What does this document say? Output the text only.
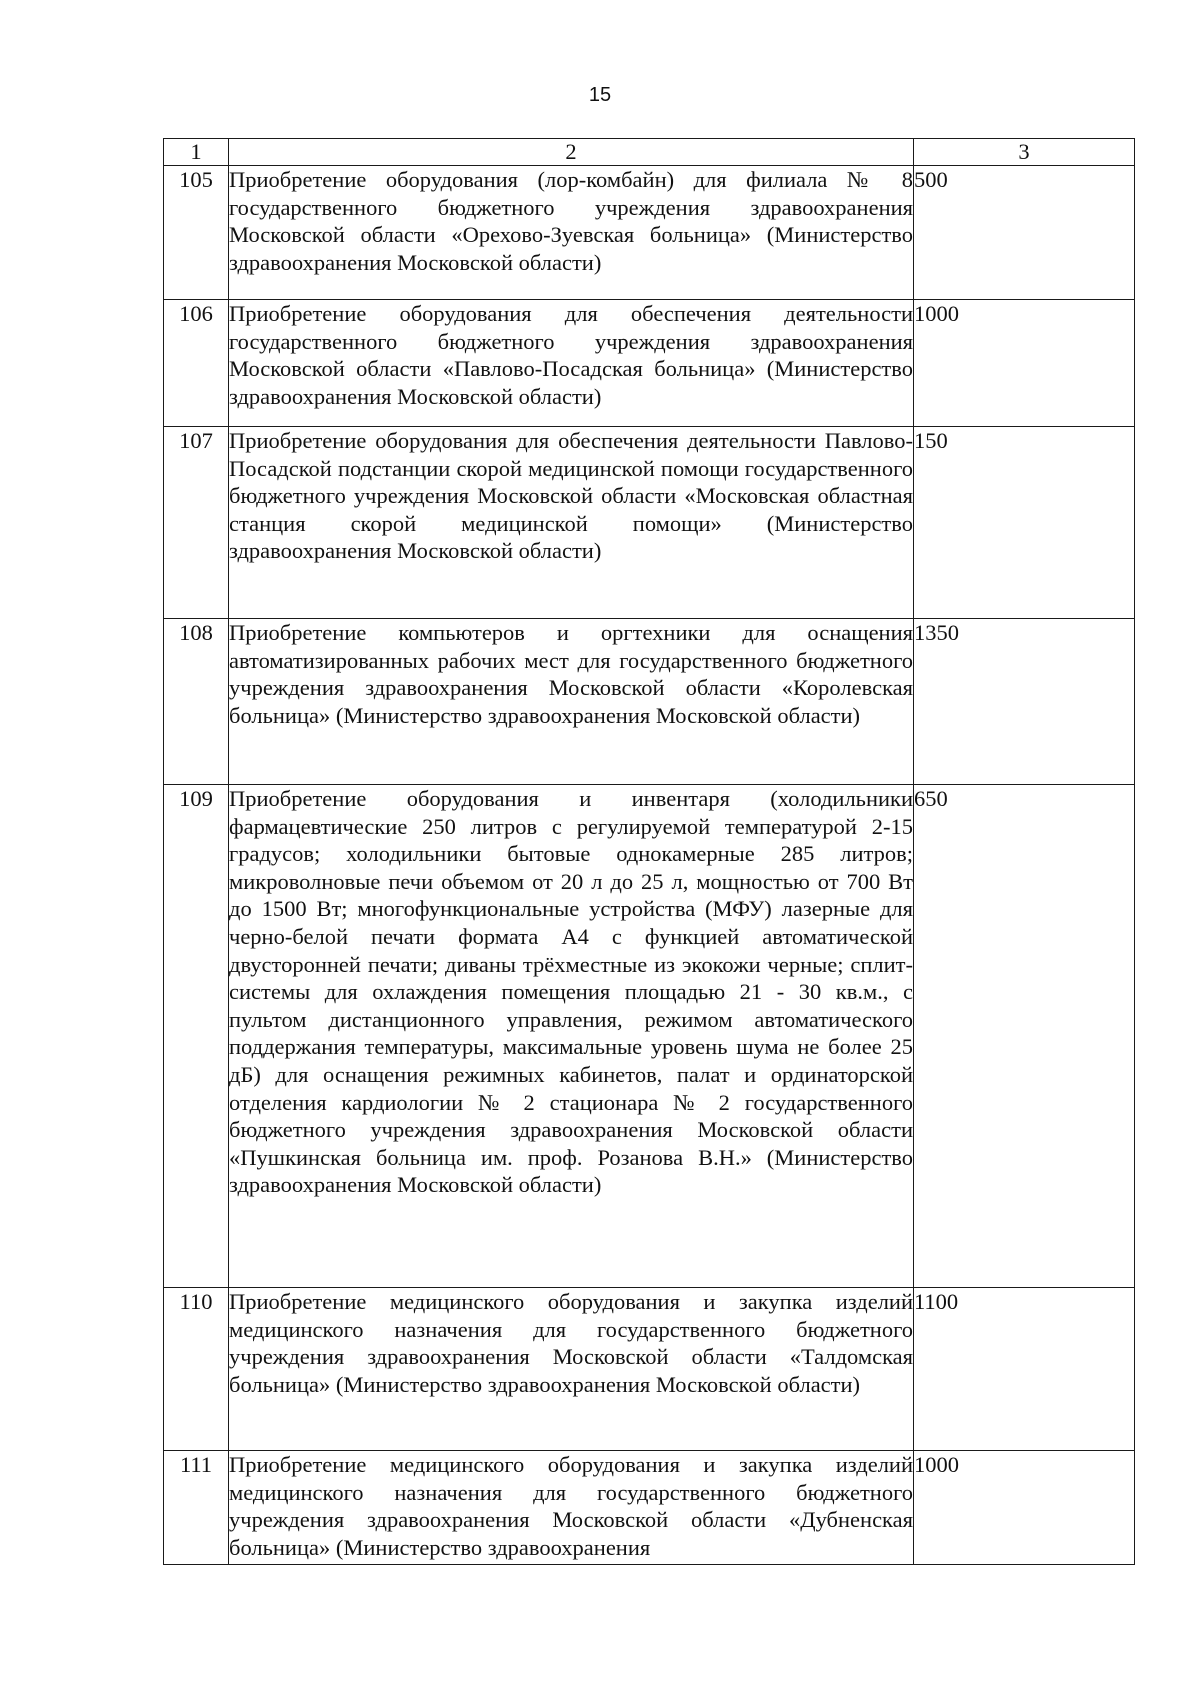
15
1	2	3
105	Приобретение оборудования (лор-комбайн) для филиала № 8 государственного бюджетного учреждения здравоохранения Московской области «Орехово-Зуевская больница» (Министерство здравоохранения Московской области)	500
106	Приобретение оборудования для обеспечения деятельности государственного бюджетного учреждения здравоохранения Московской области «Павлово-Посадская больница» (Министерство здравоохранения Московской области)	1000
107	Приобретение оборудования для обеспечения деятельности Павлово-Посадской подстанции скорой медицинской помощи государственного бюджетного учреждения Московской области «Московская областная станция скорой медицинской помощи» (Министерство здравоохранения Московской области)	150
108	Приобретение компьютеров и оргтехники для оснащения автоматизированных рабочих мест для государственного бюджетного учреждения здравоохранения Московской области «Королевская больница» (Министерство здравоохранения Московской области)	1350
109	Приобретение оборудования и инвентаря (холодильники фармацевтические 250 литров с регулируемой температурой 2-15 градусов; холодильники бытовые однокамерные 285 литров; микроволновые печи объемом от 20 л до 25 л, мощностью от 700 Вт до 1500 Вт; многофункциональные устройства (МФУ) лазерные для черно-белой печати формата А4 с функцией автоматической двусторонней печати; диваны трёхместные из экокожи черные; сплит-системы для охлаждения помещения площадью 21 - 30 кв.м., с пультом дистанционного управления, режимом автоматического поддержания температуры, максимальные уровень шума не более 25 дБ) для оснащения режимных кабинетов, палат и ординаторской отделения кардиологии № 2 стационара № 2 государственного бюджетного учреждения здравоохранения Московской области «Пушкинская больница им. проф. Розанова В.Н.» (Министерство здравоохранения Московской области)	650
110	Приобретение медицинского оборудования и закупка изделий медицинского назначения для государственного бюджетного учреждения здравоохранения Московской области «Талдомская больница» (Министерство здравоохранения Московской области)	1100
111	Приобретение медицинского оборудования и закупка изделий медицинского назначения для государственного бюджетного учреждения здравоохранения Московской области «Дубненская больница» (Министерство здравоохранения	1000
